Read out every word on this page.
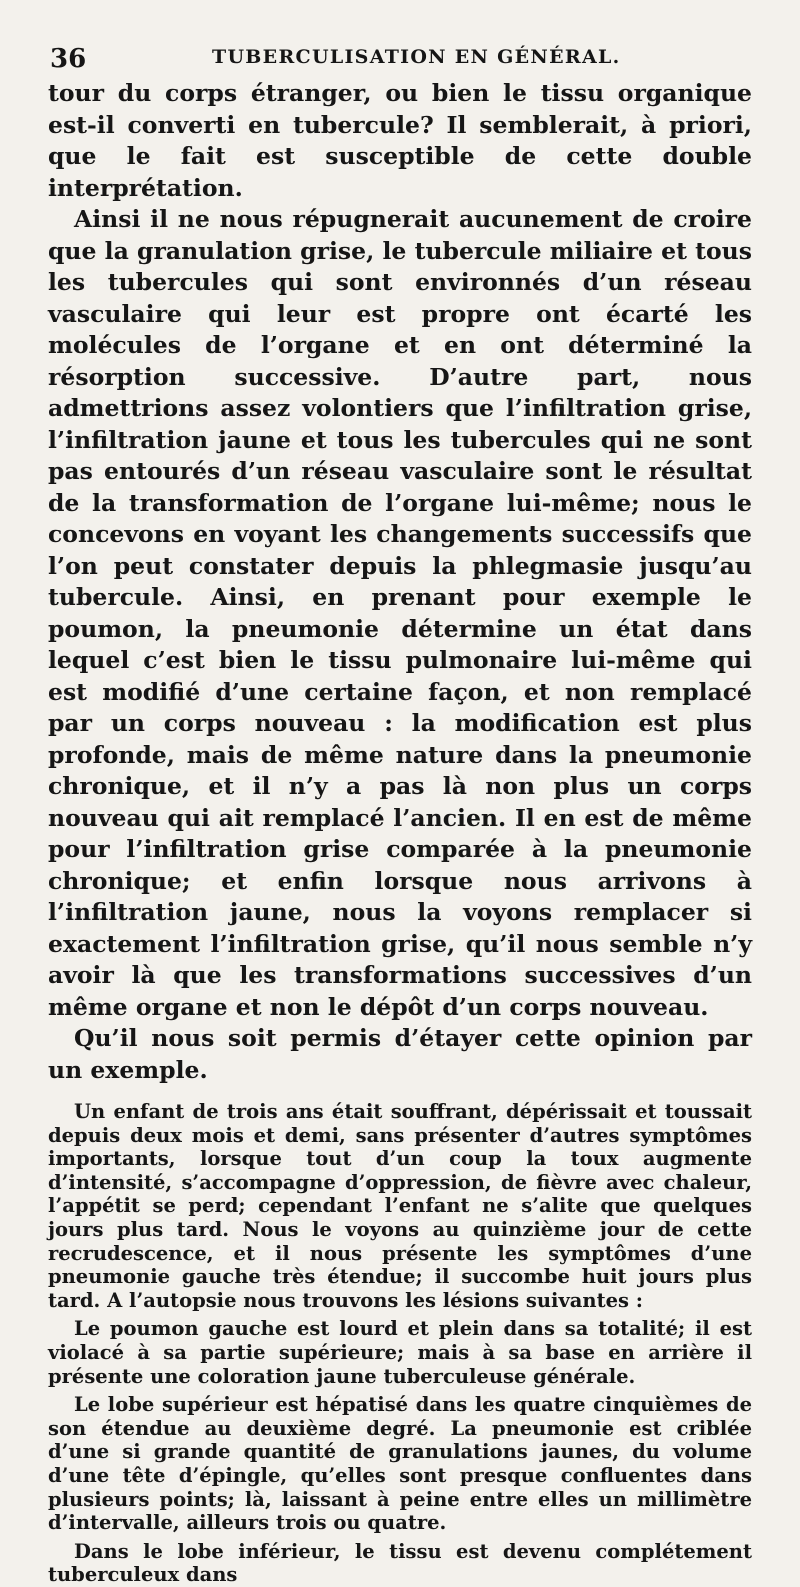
36	TUBERCULISATION EN GÉNÉRAL.

tour du corps étranger, ou bien le tissu organique est-il converti en tubercule? Il semblerait, à priori, que le fait est susceptible de cette double interprétation.

Ainsi il ne nous répugnerait aucunement de croire que la granulation grise, le tubercule miliaire et tous les tubercules qui sont environnés d’un réseau vasculaire qui leur est propre ont écarté les molécules de l’organe et en ont déterminé la résorption successive. D’autre part, nous admettrions assez volontiers que l’infiltration grise, l’infiltration jaune et tous les tubercules qui ne sont pas entourés d’un réseau vasculaire sont le résultat de la transformation de l’organe lui-même; nous le concevons en voyant les changements successifs que l’on peut constater depuis la phlegmasie jusqu’au tubercule. Ainsi, en prenant pour exemple le poumon, la pneumonie détermine un état dans lequel c’est bien le tissu pulmonaire lui-même qui est modifié d’une certaine façon, et non remplacé par un corps nouveau : la modification est plus profonde, mais de même nature dans la pneumonie chronique, et il n’y a pas là non plus un corps nouveau qui ait remplacé l’ancien. Il en est de même pour l’infiltration grise comparée à la pneumonie chronique; et enfin lorsque nous arrivons à l’infiltration jaune, nous la voyons remplacer si exactement l’infiltration grise, qu’il nous semble n’y avoir là que les transformations successives d’un même organe et non le dépôt d’un corps nouveau.

Qu’il nous soit permis d’étayer cette opinion par un exemple.

Un enfant de trois ans était souffrant, dépérissait et toussait depuis deux mois et demi, sans présenter d’autres symptômes importants, lorsque tout d’un coup la toux augmente d’intensité, s’accompagne d’oppression, de fièvre avec chaleur, l’appétit se perd; cependant l’enfant ne s’alite que quelques jours plus tard. Nous le voyons au quinzième jour de cette recrudescence, et il nous présente les symptômes d’une pneumonie gauche très étendue; il succombe huit jours plus tard. A l’autopsie nous trouvons les lésions suivantes :

Le poumon gauche est lourd et plein dans sa totalité; il est violacé à sa partie supérieure; mais à sa base en arrière il présente une coloration jaune tuberculeuse générale.

Le lobe supérieur est hépatisé dans les quatre cinquièmes de son étendue au deuxième degré. La pneumonie est criblée d’une si grande quantité de granulations jaunes, du volume d’une tête d’épingle, qu’elles sont presque confluentes dans plusieurs points; là, laissant à peine entre elles un millimètre d’intervalle, ailleurs trois ou quatre.

Dans le lobe inférieur, le tissu est devenu complétement tuberculeux dans
